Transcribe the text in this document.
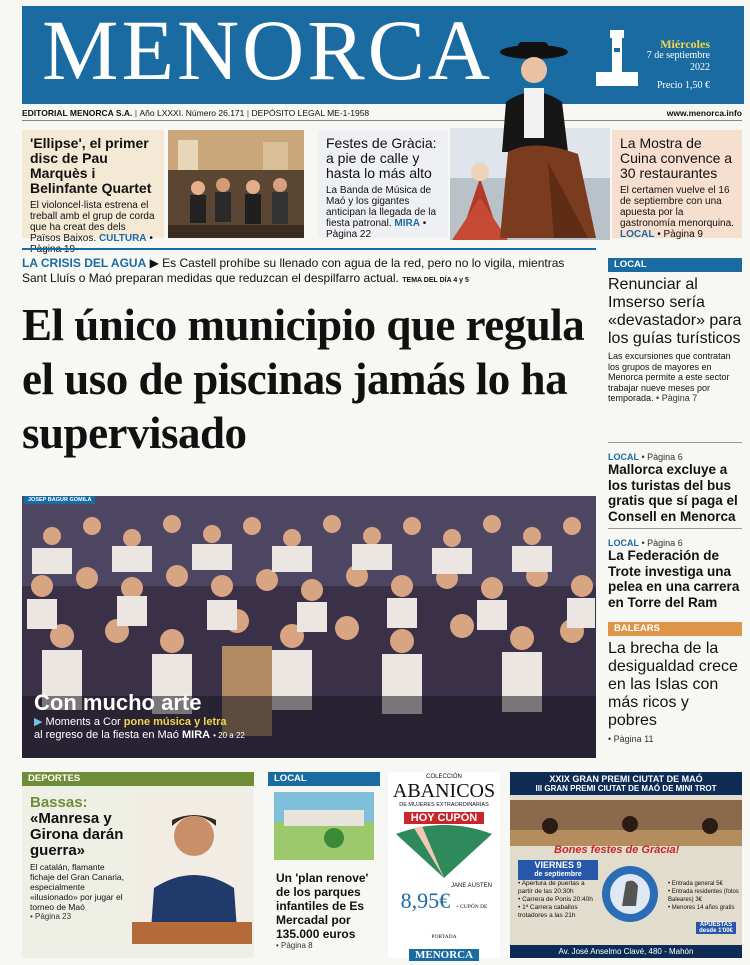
MENORCA	Miércoles
7 de septiembre
2022
Precio 1,50 €
EDITORIAL MENORCA S.A. | Año LXXXI. Número 26.171 | DEPÓSITO LEGAL ME-1-1958	www.menorca.info
'Ellipse', el primer disc de Pau Marquès i Belinfante Quartet
El violoncel·lista estrena el treball amb el grup de corda que ha creat des dels Països Baixos. CULTURA •
Festes de Gràcia: a pie de calle y hasta lo más alto
La Banda de Música de Maó y los gigantes anticipan la llegada de la fiesta patronal. MIRA • Pàgina 22
La Mostra de Cuina convence a 30 restaurantes
El certamen vuelve el 16 de septiembre con una apuesta por la gastronomía menorquina. LOCAL • Pàgina 9
LA CRISIS DEL AGUA ▶ Es Castell prohíbe su llenado con agua de la red, pero no lo vigila, mientras Sant Lluís o Maó preparan medidas que reduzcan el despilfarro actual. TEMA DEL DÍA 4 y 5
El único municipio que regula el uso de piscinas jamás lo ha supervisado
JOSEP BAGUR GOMILA
Con mucho arte
▶ Moments a Cor pone música y letra
al regreso de la fiesta en Maó MIRA • 20 a 22
LOCAL
Renunciar al Imserso sería «devastador» para los guías turísticos

Las excursiones que contratan los grupos de mayores en Menorca permite a este sector trabajar nueve meses por temporada. • Pàgina 7

LOCAL • Pàgina 6
Mallorca excluye a los turistas del bus gratis que sí paga el Consell en Menorca
LOCAL • Pàgina 6
La Federación de Trote investiga una pelea en una carrera en Torre del Ram
BALEARS
La brecha de la desigualdad crece en las Islas con más ricos y pobres

• Pàgina 11

DEPORTES
Bassas:
«Manresa y Girona darán guerra»
El catalán, flamante fichaje del Gran Canaria, especialmente «ilusionado» por jugar el torneo de Maó
• Pàgina 23
LOCAL
Un 'plan renove' de los parques infantiles de Es Mercadal por 135.000 euros
• Pàgina 8
COLECCIÓN
ABANICOS
DE MUJERES EXTRAORDINARIAS
HOY CUPÓN
JANE AUSTEN
8,95€ + CUPÓN DE PORTADA
MENORCA
XXIX GRAN PREMI CIUTAT DE MAÓ
III GRAN PREMI CIUTAT DE MAÓ DE MINI TROT
Bones festes de Gràcia!
VIERNES 9
de septiembre
• Apertura de puertas a partir de las 20:30h
• Carrera de Ponis 20:40h
• 1ª Carrera caballos trotadores a las 21h
• Entrada general 5€
• Entrada residentes (fotos Baleares) 3€
• Menores 14 años gratis
APUESTAS desde 1'00€
Av. José Anselmo Clavé, 480 - Mahón
